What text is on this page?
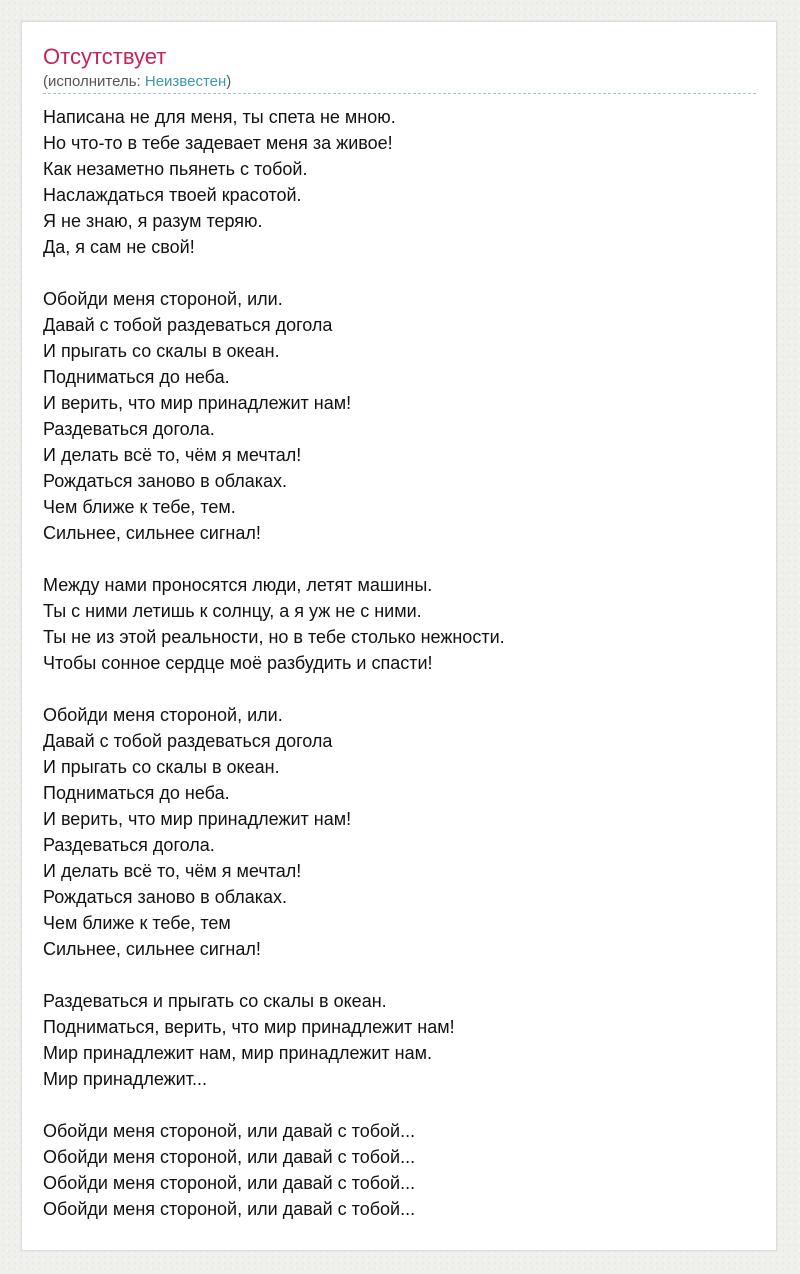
Отсутствует
(исполнитель: Неизвестен)
Написана не для меня, ты спета не мною.
Но что-то в тебе задевает меня за живое!
Как незаметно пьянеть с тобой.
Наслаждаться твоей красотой.
Я не знаю, я разум теряю.
Да, я сам не свой!
Обойди меня стороной, или.
Давай с тобой раздеваться догола
И прыгать со скалы в океан.
Подниматься до неба.
И верить, что мир принадлежит нам!
Раздеваться догола.
И делать всё то, чём я мечтал!
Рождаться заново в облаках.
Чем ближе к тебе, тем.
Сильнее, сильнее сигнал!
Между нами проносятся люди, летят машины.
Ты с ними летишь к солнцу, а я уж не с ними.
Ты не из этой реальности, но в тебе столько нежности.
Чтобы сонное сердце моё разбудить и спасти!
Обойди меня стороной, или.
Давай с тобой раздеваться догола
И прыгать со скалы в океан.
Подниматься до неба.
И верить, что мир принадлежит нам!
Раздеваться догола.
И делать всё то, чём я мечтал!
Рождаться заново в облаках.
Чем ближе к тебе, тем
Сильнее, сильнее сигнал!
Раздеваться и прыгать со скалы в океан.
Подниматься, верить, что мир принадлежит нам!
Мир принадлежит нам, мир принадлежит нам.
Мир принадлежит...
Обойди меня стороной, или давай с тобой...
Обойди меня стороной, или давай с тобой...
Обойди меня стороной, или давай с тобой...
Обойди меня стороной, или давай с тобой...
